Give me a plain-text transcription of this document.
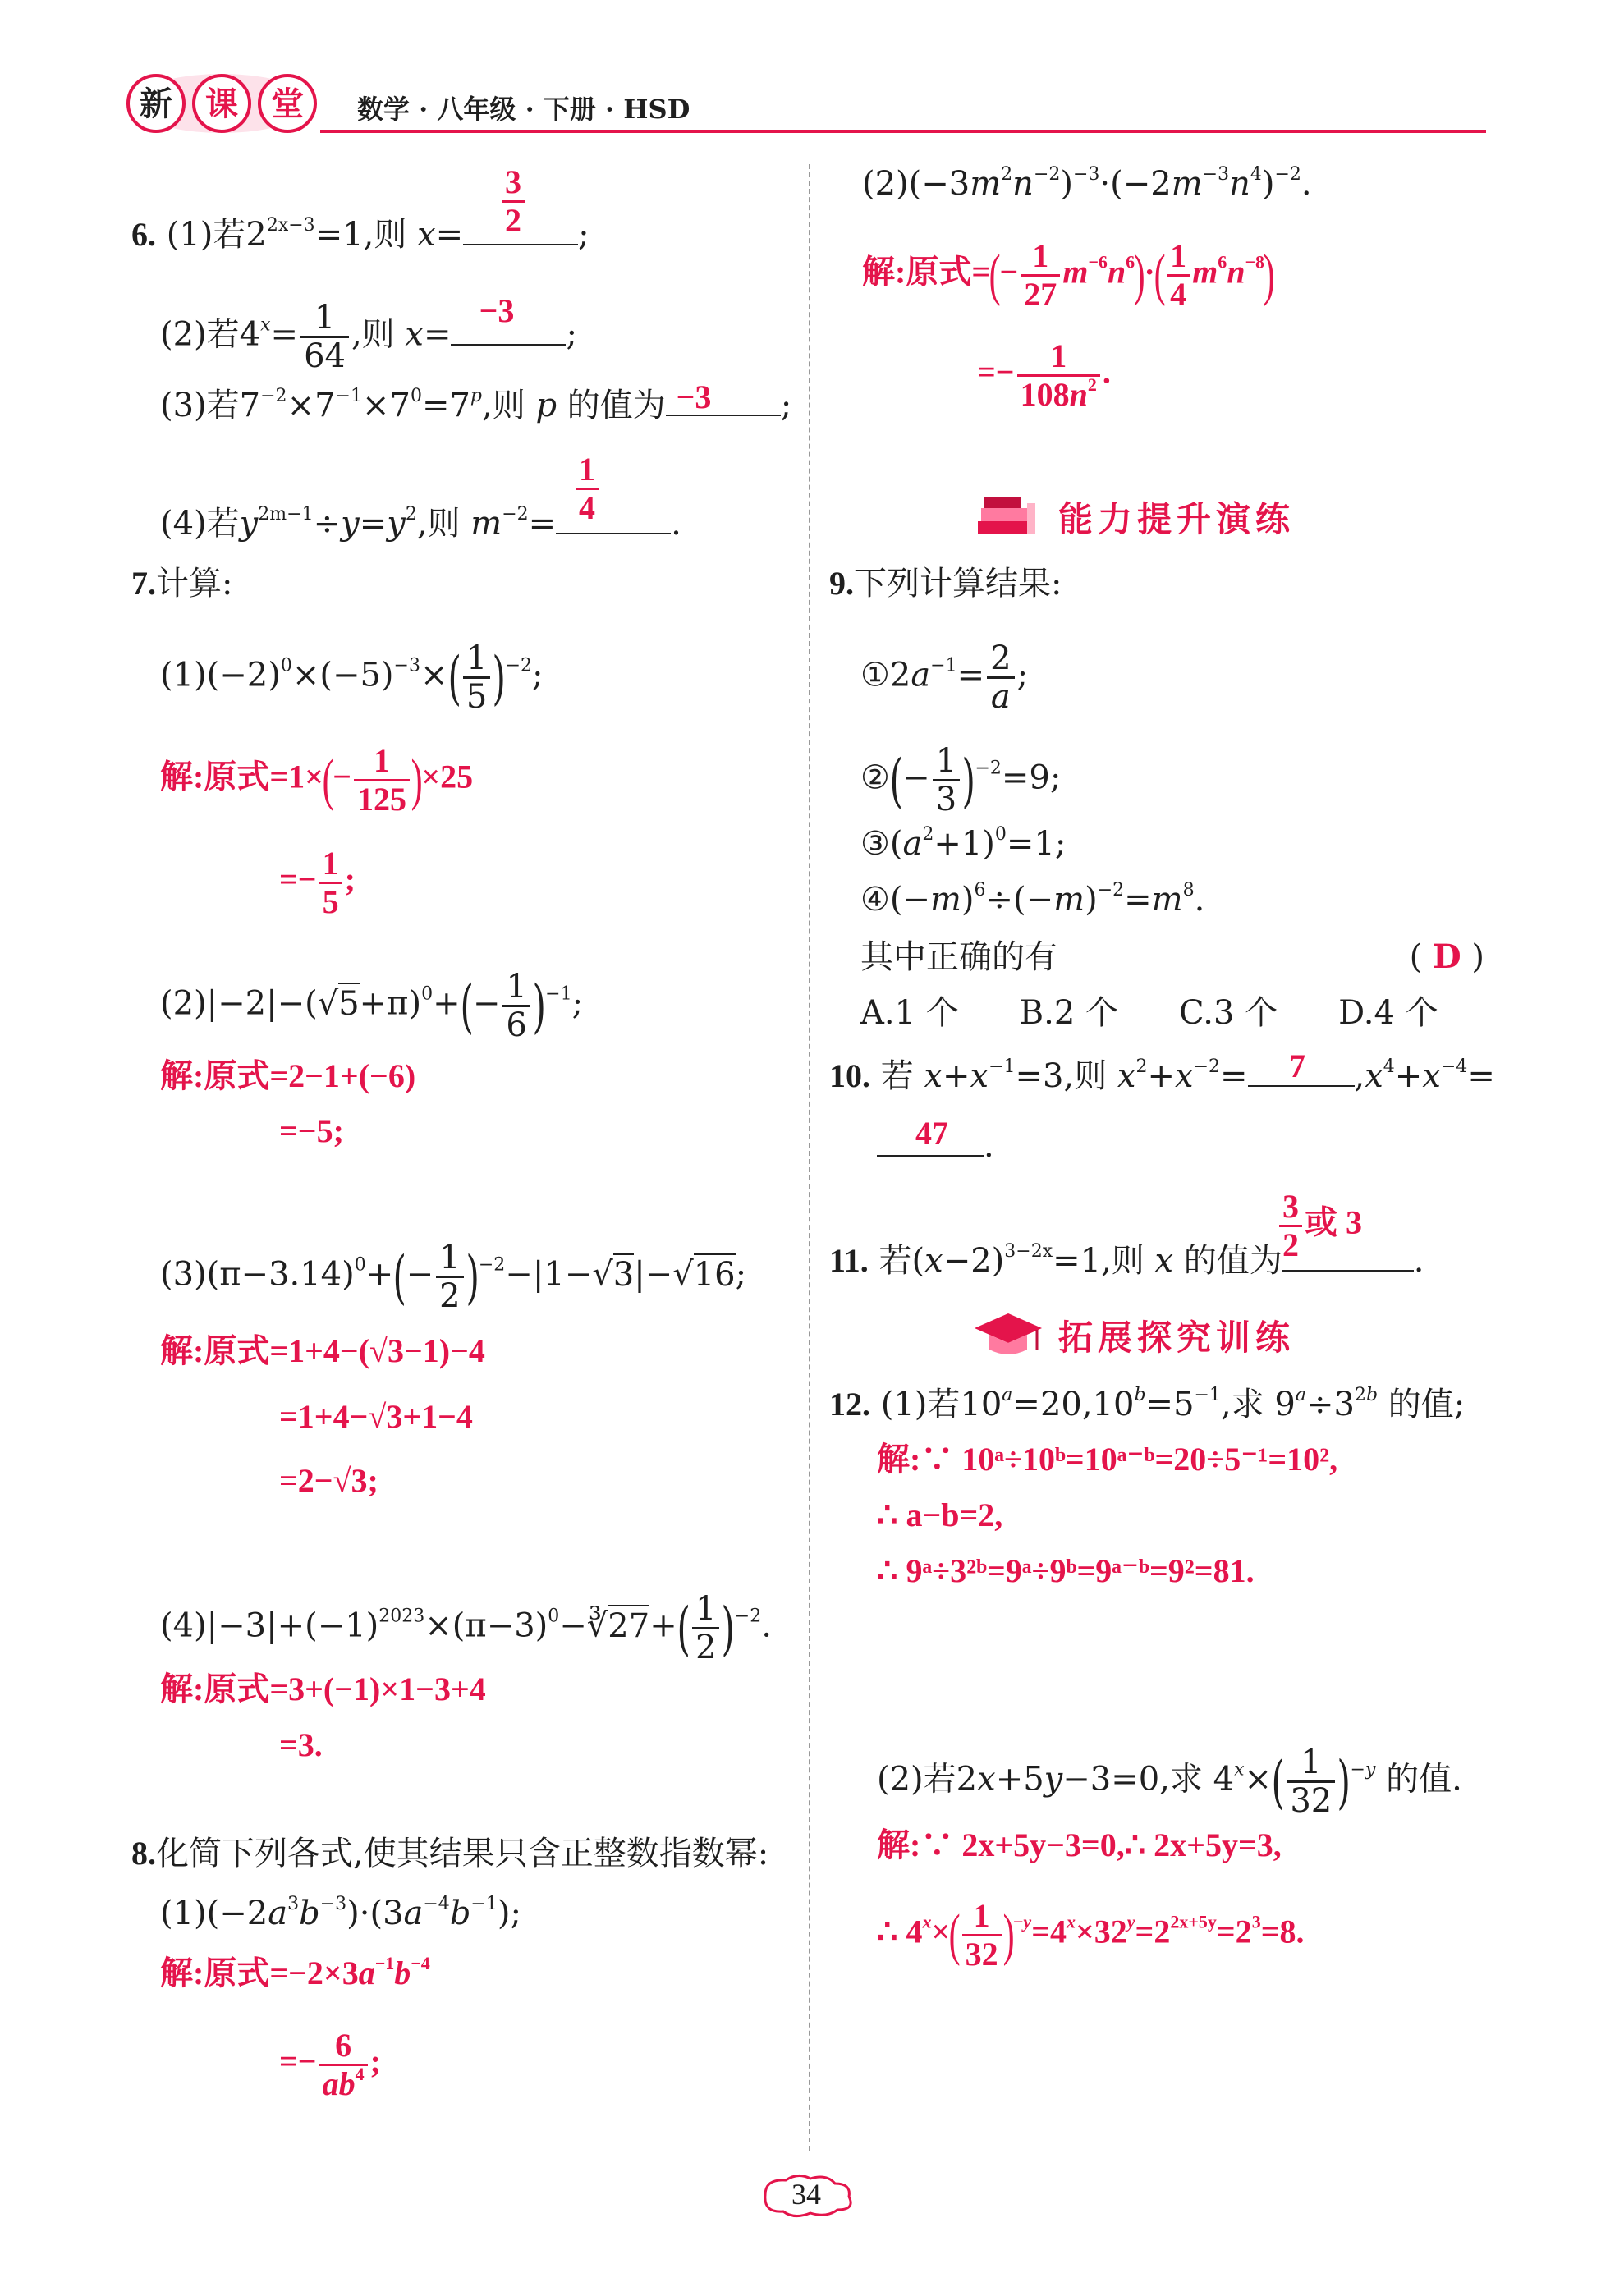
新 课 堂 数学 · 八年级 · 下册 · HSD
6. (1)若$2^{2x-3}=1$,则 x=	;
$\frac{3}{2}$
(2)若$4^x= \frac{1}{64}$ ,则 x=	;
−3
(3)若$7^{-2}\times 7^{-1}\times 7^0=7^p$,则 p 的值为	;
−3
(4)若$y^{2m-1}\div y=y^2$,则 $m^{-2}=$	.
$\frac{1}{4}$
7.计算:
$(1)(-2)^0\times(-5)^{-3}\times( \frac{1}{5} )^{-2}$;
解:原式$=1\times(- \frac{1}{125} )\times 25$
=− $\frac{1}{5}$ ;
$(2)|-2|-(√5+\pi)^0+(- \frac{1}{6} )^{-1}$;
解:原式=2−1+(−6)
=−5;
$(3)(\pi-3.14)^0+(- \frac{1}{2} )^{-2}-|1-√3|-√16$;
解:原式=1+4−(√3−1)−4
=1+4−√3+1−4
=2−√3;
$(4)|-3|+(-1)^{2023}\times(\pi-3)^0-∛27+( \frac{1}{2} )^{-2}$.
解:原式=3+(−1)×1−3+4
=3.
8.化简下列各式,使其结果只含正整数指数幂:
$(1)(-2a^3b^{-3})\cdot(3a^{-4}b^{-1})$;
解:原式$=-2\times 3a^{-1}b^{-4}$
=− $\frac{6}{ab^4}$ ;
$(2)(-3m^2n^{-2})^{-3}\cdot(-2m^{-3}n^4)^{-2}$.
解:原式=(− $\frac{1}{27} m^{-6}n^6)\cdot( \frac{1}{4} m^6n^{-8})$
=− $\frac{1}{108n^2}$ .
能力提升演练
9.下列计算结果:
$①2a^{-1}= \frac{2}{a}$ ;
②(− $\frac{1}{3} )^{-2}=9$;
$③(a^2+1)^0=1$;
$④(-m)^6\div(-m)^{-2}=m^8$.
其中正确的有	( D )
A.1 个 B.2 个 C.3 个 D.4 个
10. 若 $x+x^{-1}=3$,则 $x^2+x^{-2}=$	$,x^4+x^{-4}=$
7
.
47
11. 若$(x-2)^{3-2x}=1$,则 x 的值为	.
$\frac{3}{2}$ 或 3
拓展探究训练
12. (1)若$10^a=20,10^b=5^{-1}$,求 $9^a\div 3^{2b}$ 的值;
解:∵ 10ᵃ÷10ᵇ=10ᵃ⁻ᵇ=20÷5⁻¹=10²,
∴ a−b=2,
∴ 9ᵃ÷3²ᵇ=9ᵃ÷9ᵇ=9ᵃ⁻ᵇ=9²=81.
(2)若2x+5y−3=0,求 $4^x\times( \frac{1}{32} )^{-y}$ 的值.
解:∵ 2x+5y−3=0,∴ 2x+5y=3,
∴ $4^x\times( \frac{1}{32} )^{-y}=4^x\times 32^y=2^{2x+5y}=2^3=8$.
34
